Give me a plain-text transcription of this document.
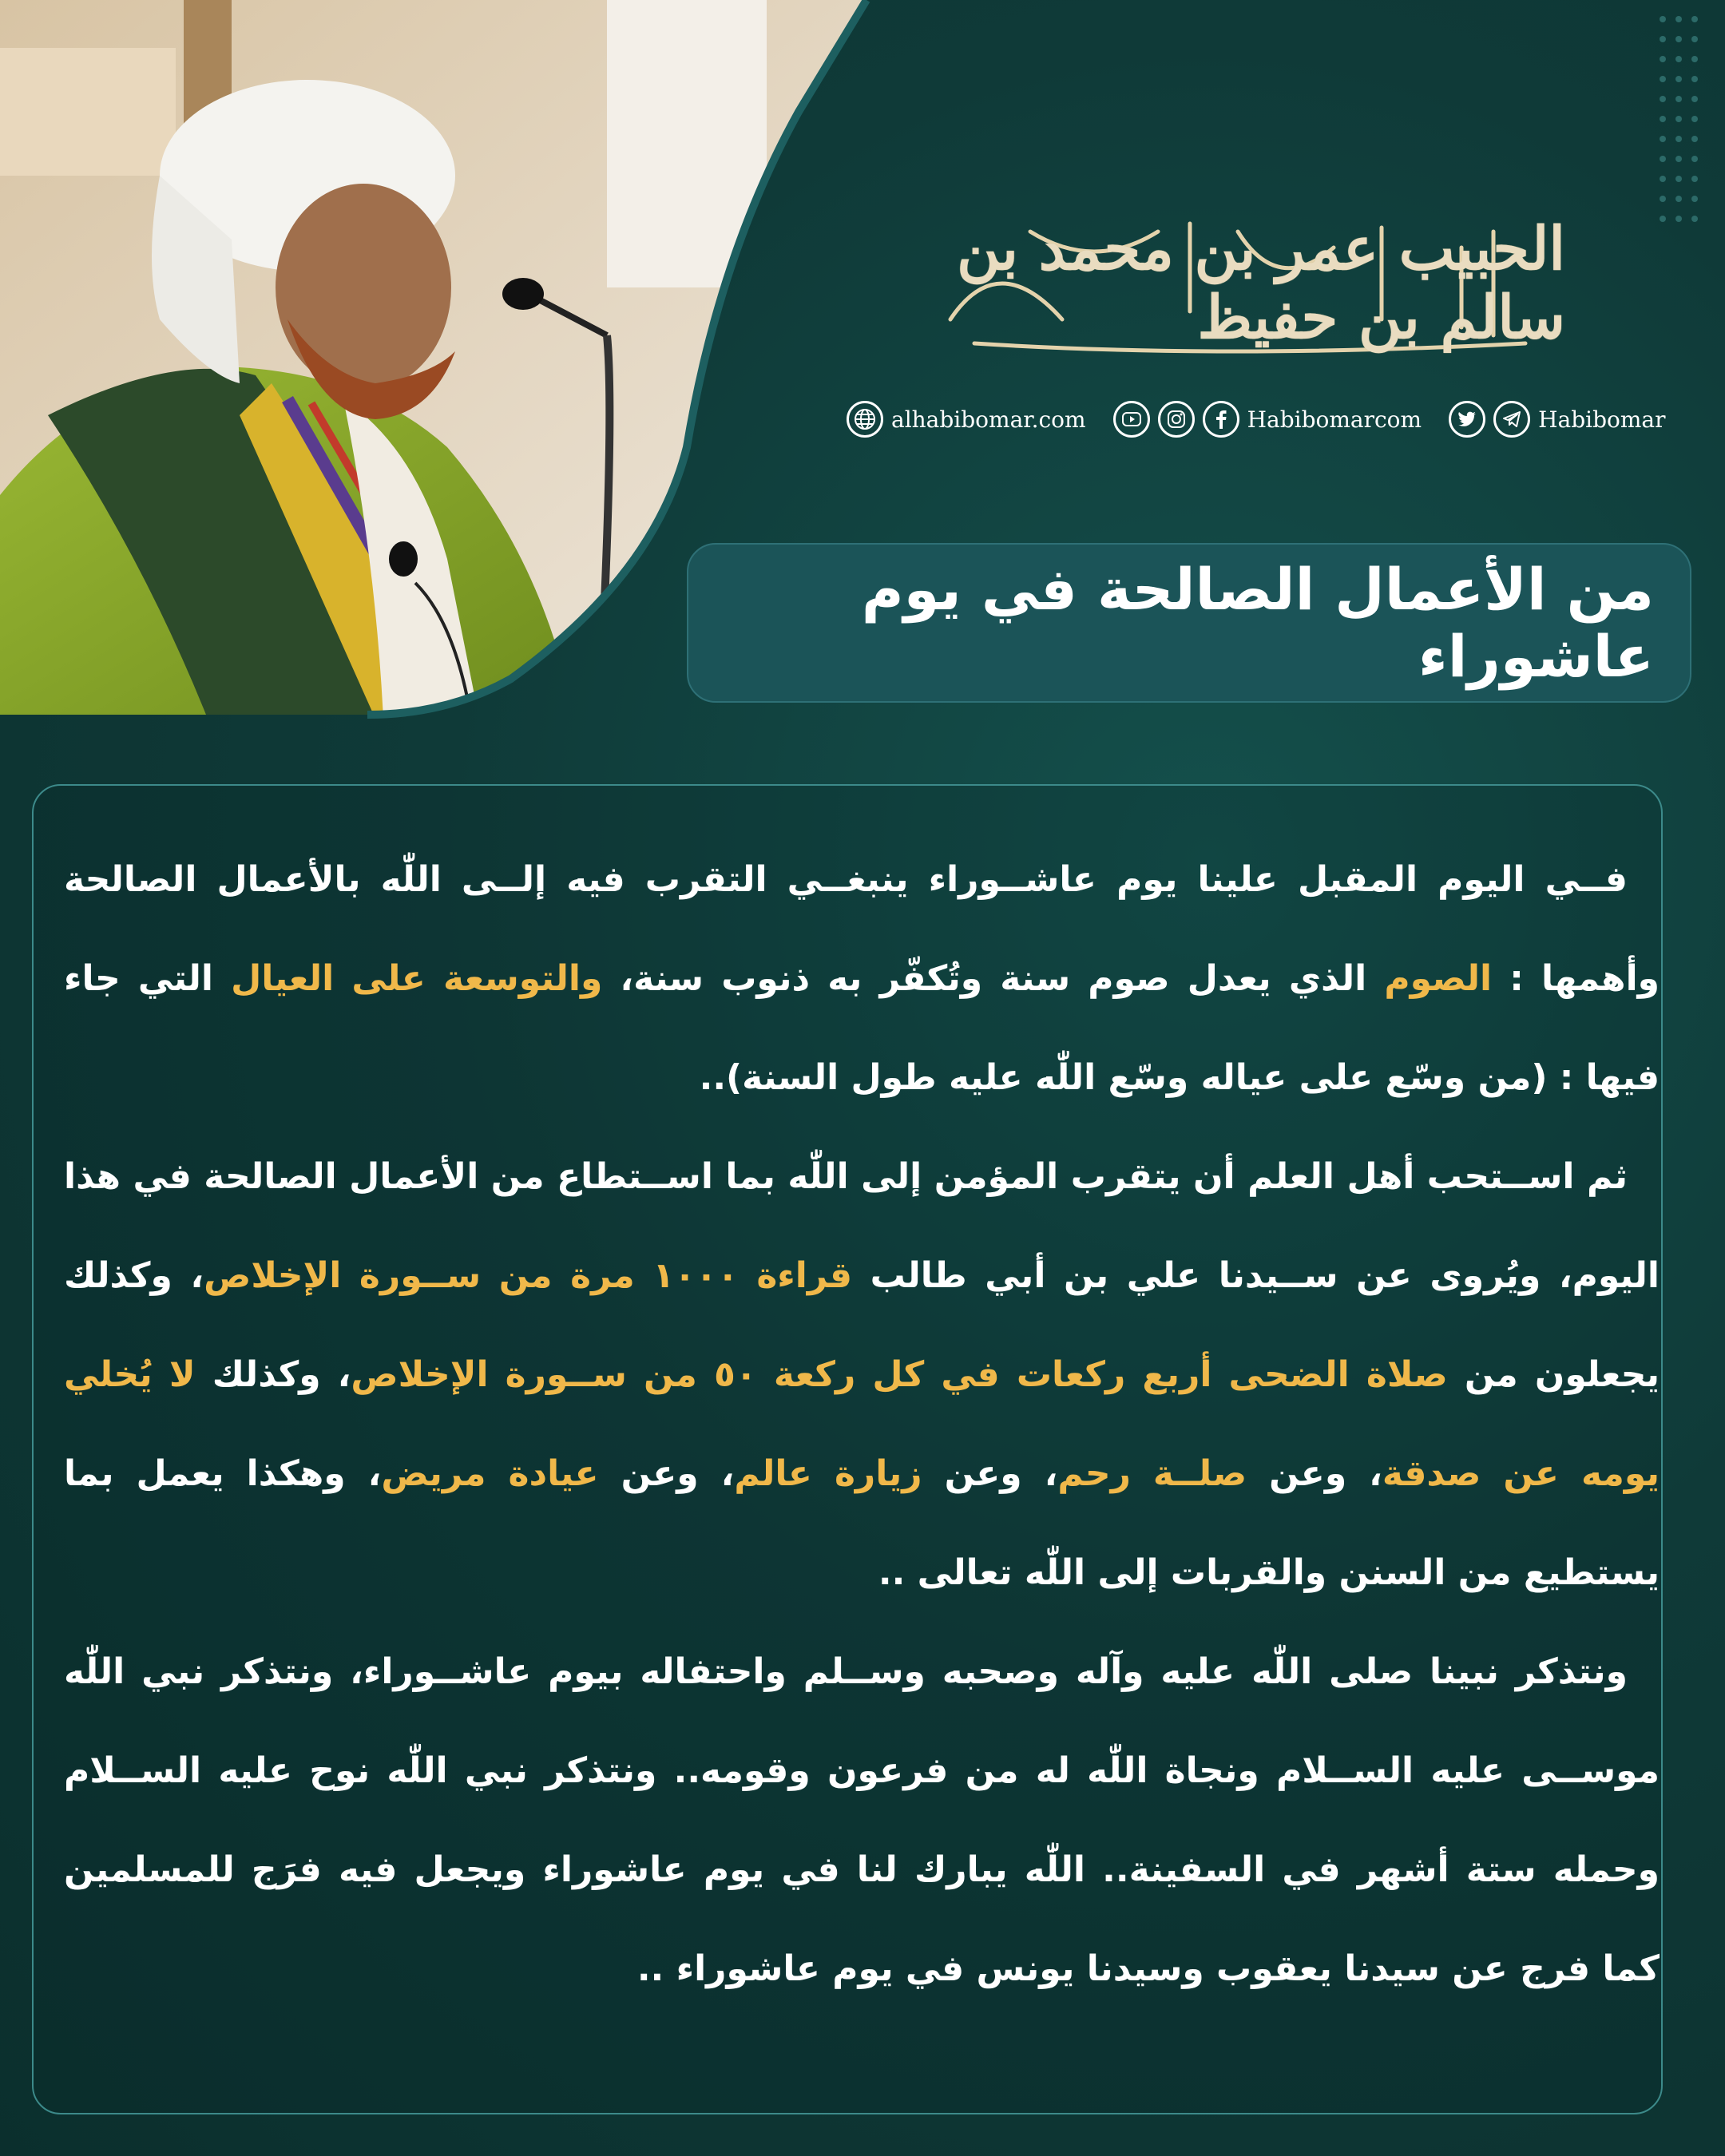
الحبيب عمر بن محمد بن سالم بن حفيظ
alhabibomar.com	Habibomarcom	Habibomar
من الأعمال الصالحة في يوم عاشوراء

فــي اليوم المقبل علينا يوم عاشــوراء ينبغــي التقرب فيه إلــى اللّٰه بالأعمال الصالحة وأهمها : الصوم الذي يعدل صوم سنة وتُكفّر به ذنوب سنة، والتوسعة على العيال التي جاء فيها : (من وسّع على عياله وسّع اللّٰه عليه طول السنة)..

ثم اســتحب أهل العلم أن يتقرب المؤمن إلى اللّٰه بما اســتطاع من الأعمال الصالحة في هذا اليوم، ويُروى عن ســيدنا علي بن أبي طالب قراءة ١٠٠٠ مرة من ســورة الإخلاص، وكذلك يجعلون من صلاة الضحى أربع ركعات في كل ركعة ٥٠ من ســورة الإخلاص، وكذلك لا يُخلي يومه عن صدقة، وعن صلــة رحم، وعن زيارة عالم، وعن عيادة مريض، وهكذا يعمل بما يستطيع من السنن والقربات إلى اللّٰه تعالى ..

ونتذكر نبينا صلى اللّٰه عليه وآله وصحبه وســلم واحتفاله بيوم عاشــوراء، ونتذكر نبي اللّٰه موســى عليه الســلام ونجاة اللّٰه له من فرعون وقومه.. ونتذكر نبي اللّٰه نوح عليه الســلام وحمله ستة أشهر في السفينة.. اللّٰه يبارك لنا في يوم عاشوراء ويجعل فيه فرَج للمسلمين كما فرج عن سيدنا يعقوب وسيدنا يونس في يوم عاشوراء ..
